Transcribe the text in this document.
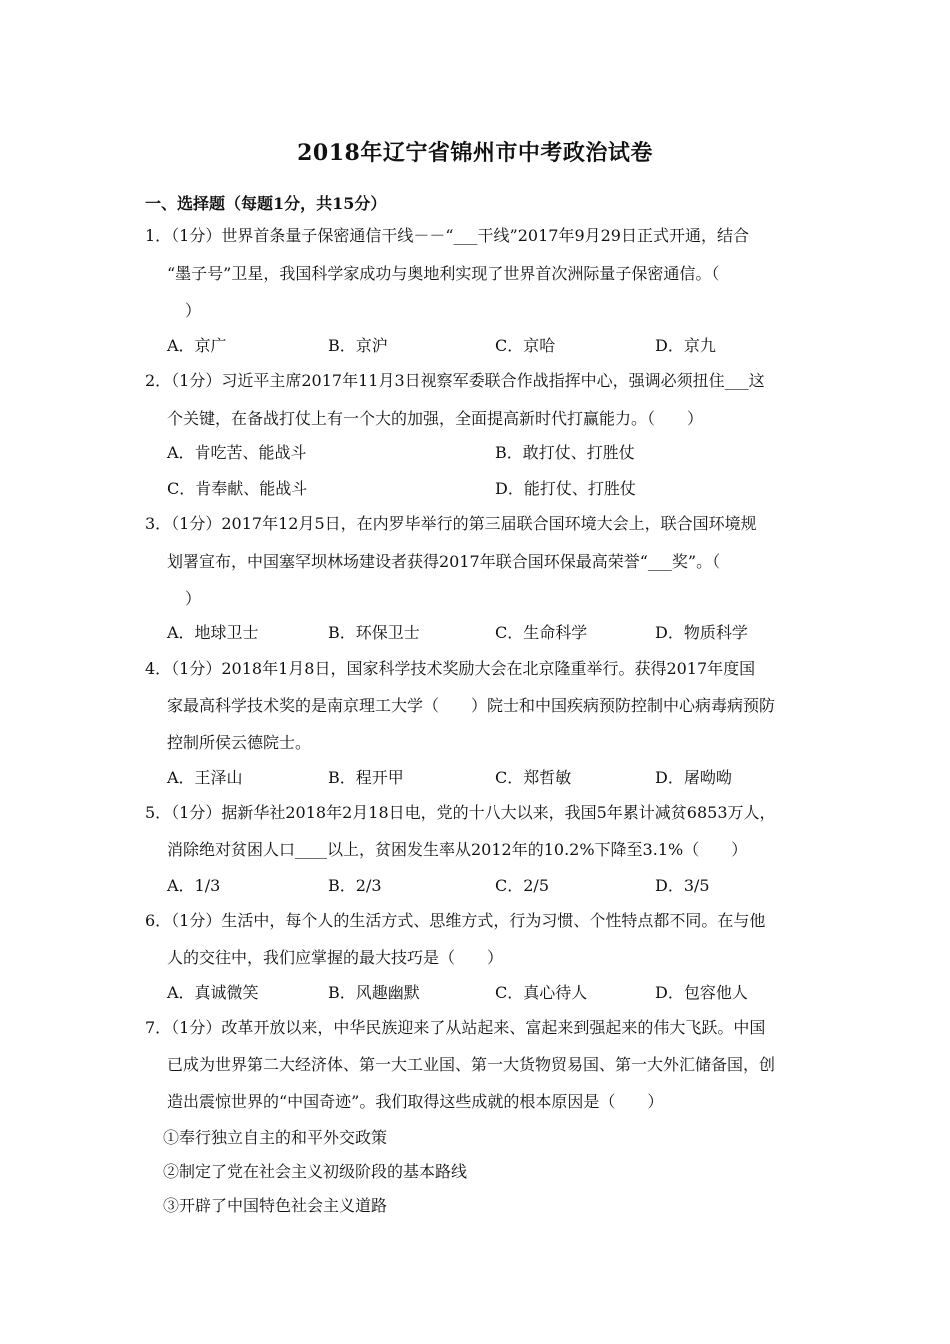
2018年辽宁省锦州市中考政治试卷
一、选择题（每题1分，共15分）
1．（1分）世界首条量子保密通信干线－－“___干线”2017年9月29日正式开通，结合
“墨子号”卫星，我国科学家成功与奥地利实现了世界首次洲际量子保密通信。（
）
A．京广	B．京沪	C．京哈	D．京九
2．（1分）习近平主席2017年11月3日视察军委联合作战指挥中心，强调必须扭住___这
个关键，在备战打仗上有一个大的加强，全面提高新时代打赢能力。（　　）
A．肯吃苦、能战斗	B．敢打仗、打胜仗
C．肯奉献、能战斗	D．能打仗、打胜仗
3．（1分）2017年12月5日，在内罗毕举行的第三届联合国环境大会上，联合国环境规
划署宣布，中国塞罕坝林场建设者获得2017年联合国环保最高荣誉“___奖”。（
）
A．地球卫士	B．环保卫士	C．生命科学	D．物质科学
4．（1分）2018年1月8日，国家科学技术奖励大会在北京隆重举行。获得2017年度国
家最高科学技术奖的是南京理工大学（　　）院士和中国疾病预防控制中心病毒病预防
控制所侯云德院士。
A．王泽山	B．程开甲	C．郑哲敏	D．屠呦呦
5．（1分）据新华社2018年2月18日电，党的十八大以来，我国5年累计减贫6853万人，
消除绝对贫困人口____以上，贫困发生率从2012年的10.2%下降至3.1%（　　）
A．1/3	B．2/3	C．2/5	D．3/5
6．（1分）生活中，每个人的生活方式、思维方式，行为习惯、个性特点都不同。在与他
人的交往中，我们应掌握的最大技巧是（　　）
A．真诚微笑	B．风趣幽默	C．真心待人	D．包容他人
7．（1分）改革开放以来，中华民族迎来了从站起来、富起来到强起来的伟大飞跃。中国
已成为世界第二大经济体、第一大工业国、第一大货物贸易国、第一大外汇储备国，创
造出震惊世界的“中国奇迹”。我们取得这些成就的根本原因是（　　）
①奉行独立自主的和平外交政策
②制定了党在社会主义初级阶段的基本路线
③开辟了中国特色社会主义道路
